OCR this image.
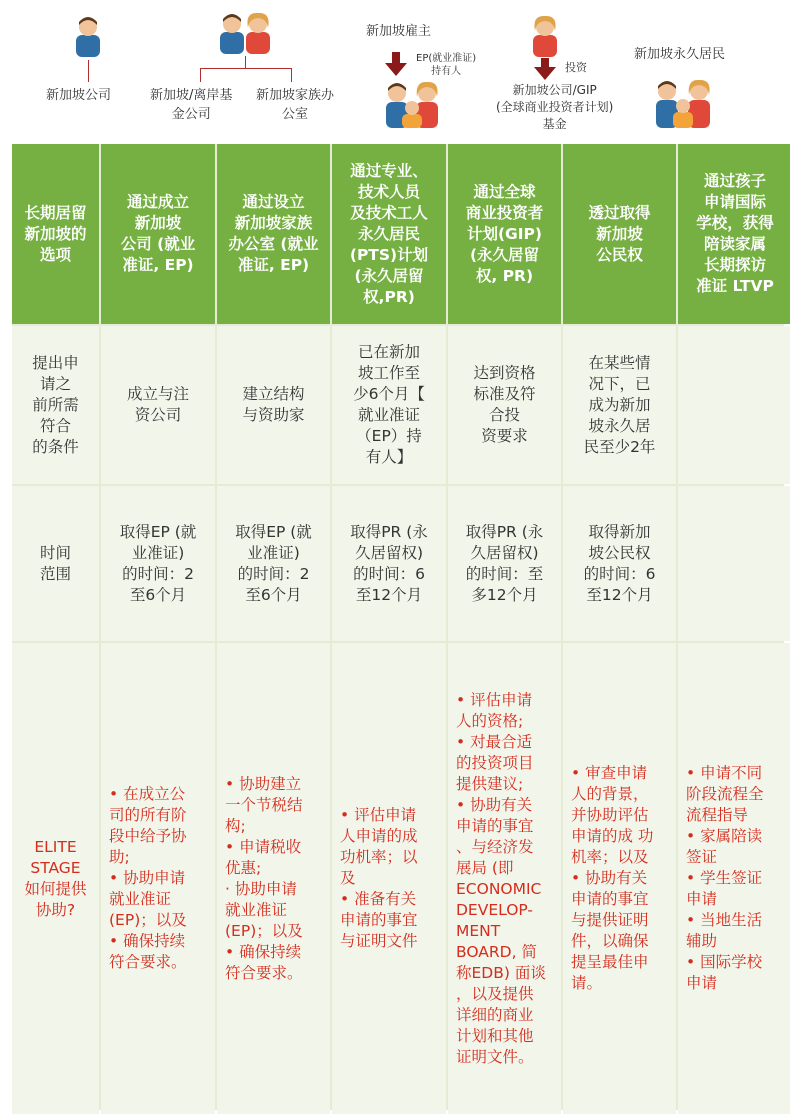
新加坡公司	新加坡/离岸基
金公司
新加坡家族办
公室
新加坡雇主
EP(就业准证)
持有人	投资
新加坡公司/GIP
(全球商业投资者计划)
基金
新加坡永久居民
长期居留
新加坡的
选项
通过成立
新加坡
公司 (就业
准证, EP)
通过设立
新加坡家族
办公室 (就业
准证, EP)
通过专业、
技术人员
及技术工人
永久居民
(PTS)计划
(永久居留
权,PR)
通过全球
商业投资者
计划(GIP)
(永久居留
权, PR)
透过取得
新加坡
公民权
通过孩子
申请国际
学校，获得
陪读家属
长期探访
准证 LTVP
提出申
请之
前所需
符合
的条件
成立与注
资公司
建立结构
与资助家
已在新加
坡工作至
少6个月【
就业准证
（EP）持
有人】
达到资格
标准及符
合投
资要求
在某些情
况下，已
成为新加
坡永久居
民至少2年
时间
范围
取得EP (就
业准证)
的时间：2
至6个月
取得EP (就
业准证)
的时间：2
至6个月
取得PR (永
久居留权)
的时间：6
至12个月
取得PR (永
久居留权)
的时间：至
多12个月
取得新加
坡公民权
的时间：6
至12个月
ELITE
STAGE
如何提供
协助?
• 在成立公
司的所有阶
段中给予协
助;
• 协助申请
就业准证
(EP)；以及
• 确保持续
符合要求。
• 协助建立
一个节税结
构;
• 申请税收
优惠;
· 协助申请
就业准证
(EP)；以及
• 确保持续
符合要求。
• 评估申请
人申请的成
功机率；以
及
• 准备有关
申请的事宜
与证明文件
• 评估申请
人的资格;
• 对最合适
的投资项目
提供建议;
• 协助有关
申请的事宜
、与经济发
展局 (即
ECONOMIC
DEVELOP-
MENT
BOARD, 简
称EDB) 面谈
，以及提供
详细的商业
计划和其他
证明文件。
• 审查申请
人的背景，
并协助评估
申请的成 功
机率；以及
• 协助有关
申请的事宜
与提供证明
件，以确保
提呈最佳申
请。
• 申请不同
阶段流程全
流程指导
• 家属陪读
签证
• 学生签证
申请
• 当地生活
辅助
• 国际学校
申请
